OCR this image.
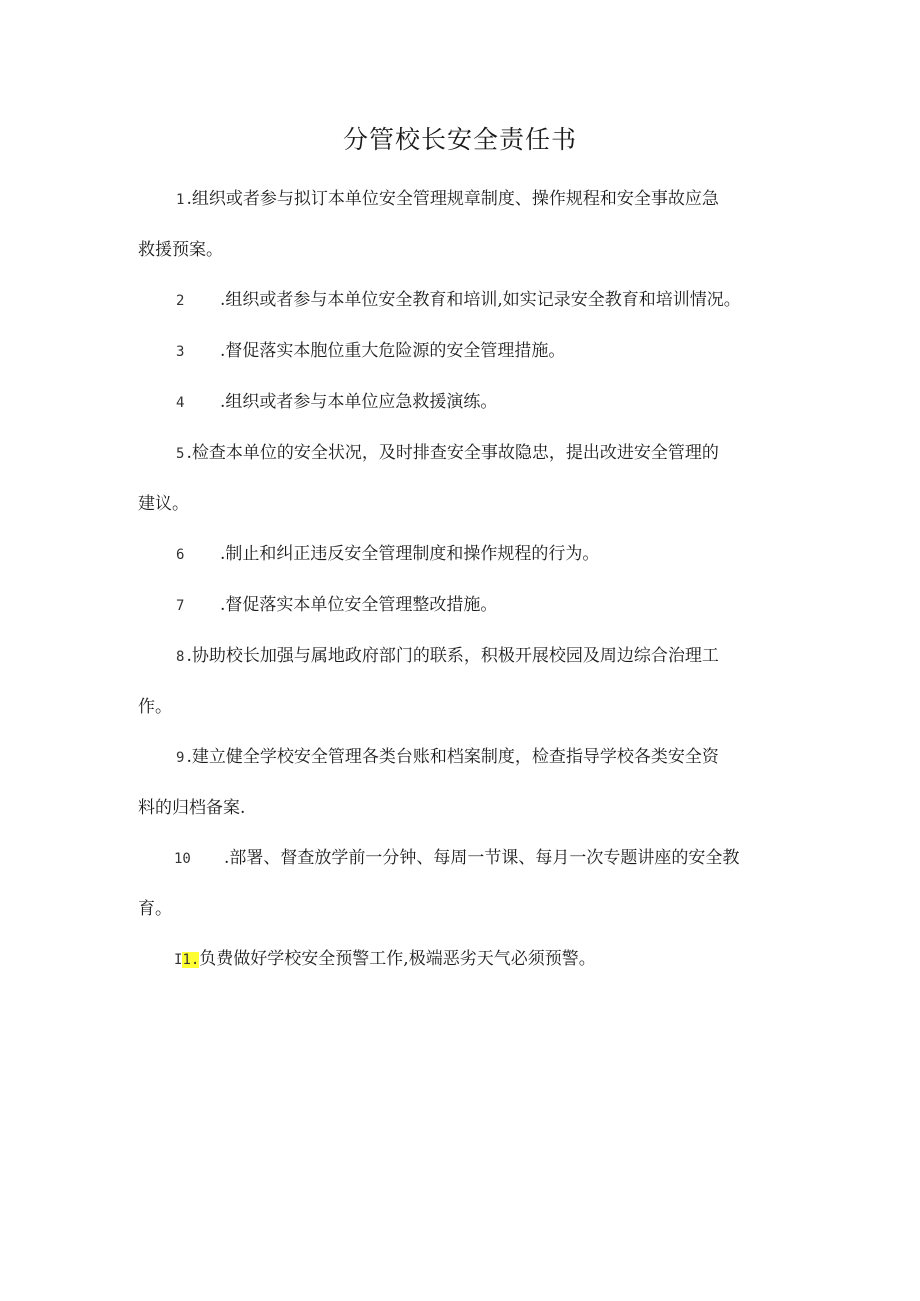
分管校长安全责任书

1 .组织或者参与拟订本单位安全管理规章制度、操作规程和安全事故应急
救援预案。

2 .组织或者参与本单位安全教育和培训,如实记录安全教育和培训情况。

3 .督促落实本胞位重大危险源的安全管理措施。

4 .组织或者参与本单位应急救援演练。

5 .检查本单位的安全状况，及时排查安全事故隐忠，提出改进安全管理的
建议。

6 .制止和纠正违反安全管理制度和操作规程的行为。

7 .督促落实本单位安全管理整改措施。

8 .协助校长加强与属地政府部门的联系，积极开展校园及周边综合治理工
作。

9 .建立健全学校安全管理各类台账和档案制度，检查指导学校各类安全资
料的归档备案.

10 .部署、督查放学前一分钟、每周一节课、每月一次专题讲座的安全教
育。

I1.负费做好学校安全预警工作,极端恶劣天气必须预警。
